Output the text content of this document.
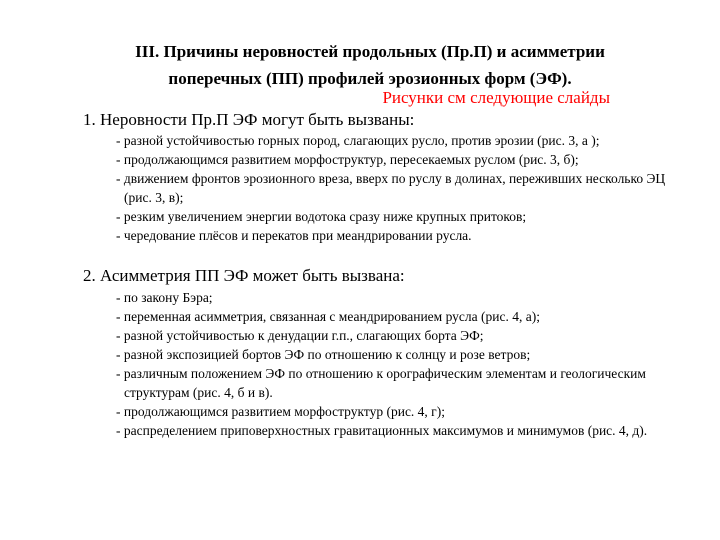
III. Причины неровностей продольных (Пр.П) и асимметрии
поперечных (ПП) профилей эрозионных форм (ЭФ).
Рисунки см следующие слайды
1. Неровности Пр.П ЭФ могут быть вызваны:
- разной устойчивостью горных пород, слагающих русло, против эрозии (рис. 3, а );
- продолжающимся развитием морфоструктур, пересекаемых руслом (рис. 3, б);
- движением фронтов эрозионного вреза, вверх по руслу в долинах, переживших несколько ЭЦ (рис. 3, в);
- резким увеличением энергии водотока сразу ниже крупных притоков;
- чередование плёсов и перекатов при меандрировании русла.
2. Асимметрия ПП ЭФ может быть вызвана:
- по закону Бэра;
- переменная асимметрия, связанная с меандрированием русла (рис. 4, а);
- разной устойчивостью к денудации г.п., слагающих борта ЭФ;
- разной экспозицией бортов ЭФ по отношению к солнцу и розе ветров;
- различным положением ЭФ по отношению к орографическим элементам и геологическим структурам (рис. 4, б и в).
- продолжающимся развитием морфоструктур (рис. 4, г);
- распределением приповерхностных гравитационных максимумов и минимумов (рис. 4, д).
